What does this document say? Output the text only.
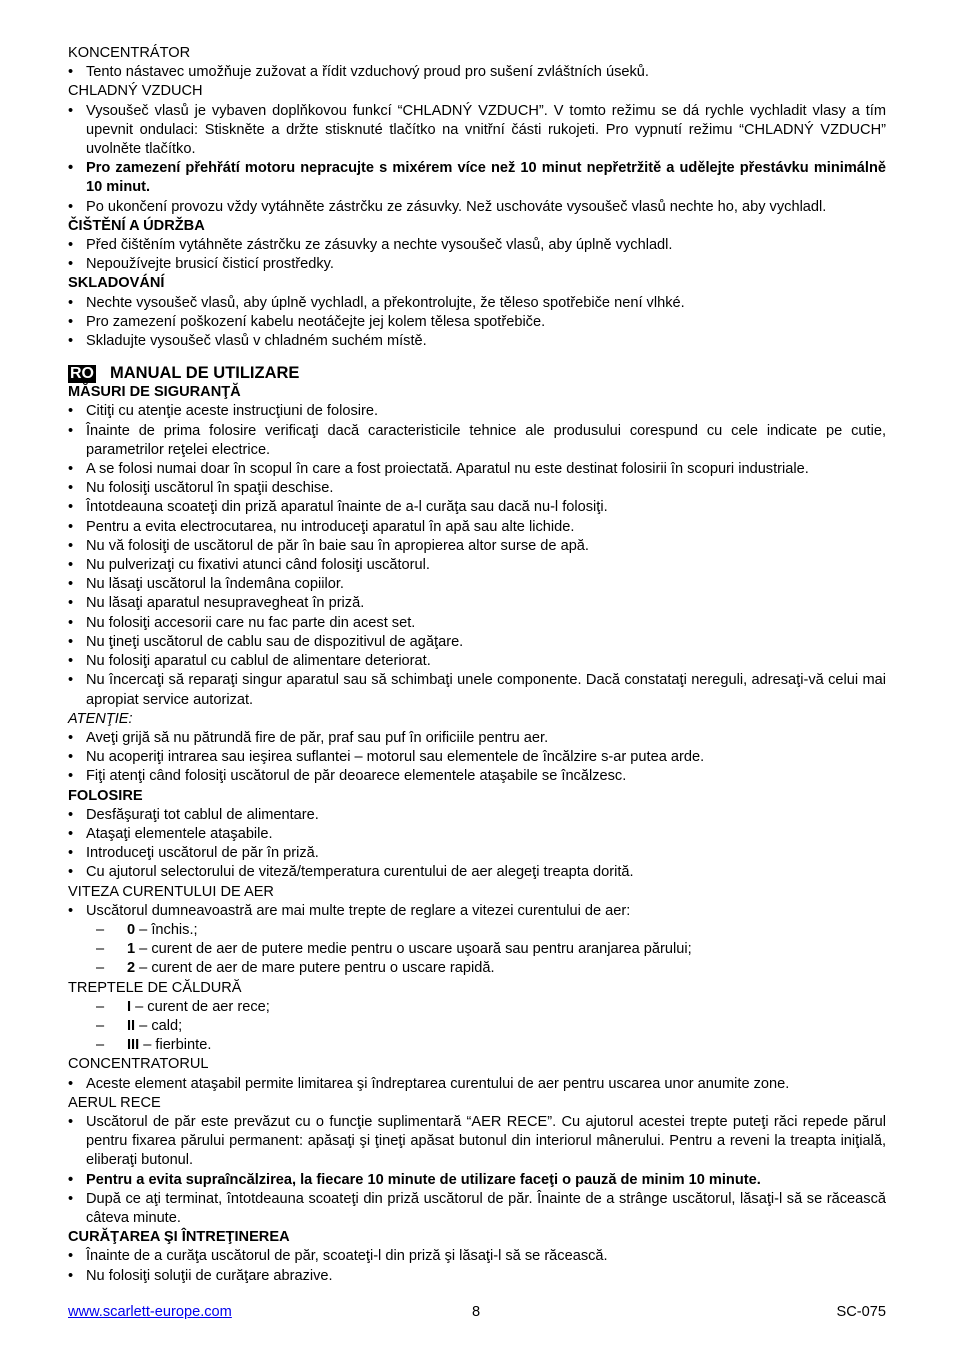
KONCENTRÁTOR

• Tento nástavec umožňuje zužovat a řídit vzduchový proud pro sušení zvláštních úseků.

CHLADNÝ VZDUCH

• Vysoušeč vlasů je vybaven doplňkovou funkcí “CHLADNÝ VZDUCH”. V tomto režimu se dá rychle vychladit vlasy a tím upevnit ondulaci: Stiskněte a držte stisknuté tlačítko na vnitřní části rukojeti. Pro vypnutí režimu “CHLADNÝ VZDUCH” uvolněte tlačítko.
• Pro zamezení přehřátí motoru nepracujte s mixérem více než 10 minut nepřetržitě a udělejte přestávku minimálně 10 minut.
• Po ukončení provozu vždy vytáhněte zástrčku ze zásuvky. Než uschováte vysoušeč vlasů nechte ho, aby vychladl.

ČIŠTĚNÍ A ÚDRŽBA

• Před čištěním vytáhněte zástrčku ze zásuvky a nechte vysoušeč vlasů, aby úplně vychladl.
• Nepoužívejte brusicí čisticí prostředky.

SKLADOVÁNÍ

• Nechte vysoušeč vlasů, aby úplně vychladl, a překontrolujte, že těleso spotřebiče není vlhké.
• Pro zamezení poškození kabelu neotáčejte jej kolem tělesa spotřebiče.
• Skladujte vysoušeč vlasů v chladném suchém místě.
RO MANUAL DE UTILIZARE

MĂSURI DE SIGURANŢĂ

• Citiţi cu atenţie aceste instrucţiuni de folosire.
• Înainte de prima folosire verificaţi dacă caracteristicile tehnice ale produsului corespund cu cele indicate pe cutie, parametrilor reţelei electrice.
• A se folosi numai doar în scopul în care a fost proiectată. Aparatul nu este destinat folosirii în scopuri industriale.
• Nu folosiţi uscătorul în spaţii deschise.
• Întotdeauna scoateţi din priză aparatul înainte de a-l curăţa sau dacă nu-l folosiţi.
• Pentru a evita electrocutarea, nu introduceţi aparatul în apă sau alte lichide.
• Nu vă folosiţi de uscătorul de păr în baie sau în apropierea altor surse de apă.
• Nu pulverizaţi cu fixativi atunci când folosiţi uscătorul.
• Nu lăsaţi uscătorul la îndemâna copiilor.
• Nu lăsaţi aparatul nesupravegheat în priză.
• Nu folosiţi accesorii care nu fac parte din acest set.
• Nu ţineţi uscătorul de cablu sau de dispozitivul de agăţare.
• Nu folosiţi aparatul cu cablul de alimentare deteriorat.
• Nu încercaţi să reparaţi singur aparatul sau să schimbaţi unele componente. Dacă constataţi nereguli, adresaţi-vă celui mai apropiat service autorizat.

ATENŢIE:

• Aveţi grijă să nu pătrundă fire de păr, praf sau puf în orificiile pentru aer.
• Nu acoperiţi intrarea sau ieşirea suflantei – motorul sau elementele de încălzire s-ar putea arde.
• Fiţi atenţi când folosiţi uscătorul de păr deoarece elementele ataşabile se încălzesc.

FOLOSIRE

• Desfăşuraţi tot cablul de alimentare.
• Ataşaţi elementele ataşabile.
• Introduceţi uscătorul de păr în priză.
• Cu ajutorul selectorului de viteză/temperatura curentului de aer alegeţi treapta dorită.

VITEZA CURENTULUI DE AER

• Uscătorul dumneavoastră are mai multe trepte de reglare a vitezei curentului de aer:
– 0 – închis.;
– 1 – curent de aer de putere medie pentru o uscare uşoară sau pentru aranjarea părului;
– 2 – curent de aer de mare putere pentru o uscare rapidă.

TREPTELE DE CĂLDURĂ

– I – curent de aer rece;
– II – cald;
– III – fierbinte.

CONCENTRATORUL

• Aceste element ataşabil permite limitarea şi îndreptarea curentului de aer pentru uscarea unor anumite zone.

AERUL RECE

• Uscătorul de păr este prevăzut cu o funcţie suplimentară “AER RECE”. Cu ajutorul acestei trepte puteţi răci repede părul pentru fixarea părului permanent: apăsaţi şi ţineţi apăsat butonul din interiorul mânerului. Pentru a reveni la treapta iniţială, eliberaţi butonul.
• Pentru a evita supraîncălzirea, la fiecare 10 minute de utilizare faceţi o pauză de minim 10 minute.
• După ce aţi terminat, întotdeauna scoateţi din priză uscătorul de păr. Înainte de a strânge uscătorul, lăsaţi-l să se răcească câteva minute.

CURĂŢAREA ŞI ÎNTREŢINEREA

• Înainte de a curăţa uscătorul de păr, scoateţi-l din priză şi lăsaţi-l să se răcească.
• Nu folosiţi soluţii de curăţare abrazive.
www.scarlett-europe.com	8	SC-075
